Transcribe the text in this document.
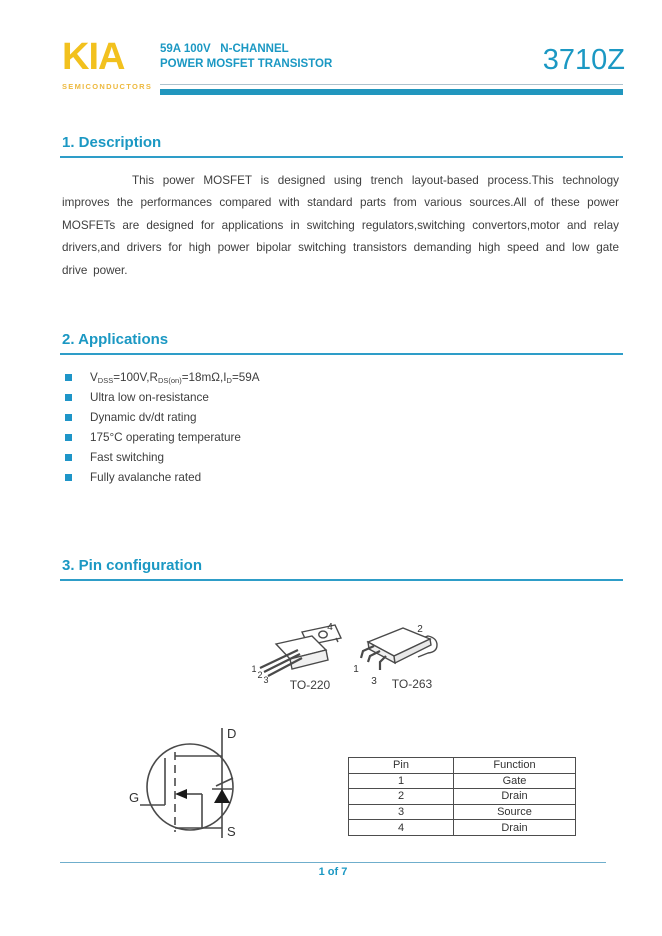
KIA
SEMICONDUCTORS
59A 100V   N-CHANNEL
POWER MOSFET TRANSISTOR	3710Z
1. Description
This power MOSFET is designed using trench layout-based process.This technology improves the performances compared with standard parts from various sources.All of these power MOSFETs are designed for applications in switching regulators,switching convertors,motor and relay drivers,and drivers for high power bipolar switching transistors demanding high speed and low gate drive power.
2. Applications
$V_{DSS}=100V,R_{DS(on)}=18m\Omega,I_D=59A$
Ultra low on-resistance
Dynamic dv/dt rating
175°C operating temperature
Fast switching
Fully avalanche rated
3. Pin configuration
4
1
2 3 TO-220
2
1
3 TO-263
D
G
S
Pin	Function
1	Gate
2	Drain
3	Source
4	Drain
1 of 7
